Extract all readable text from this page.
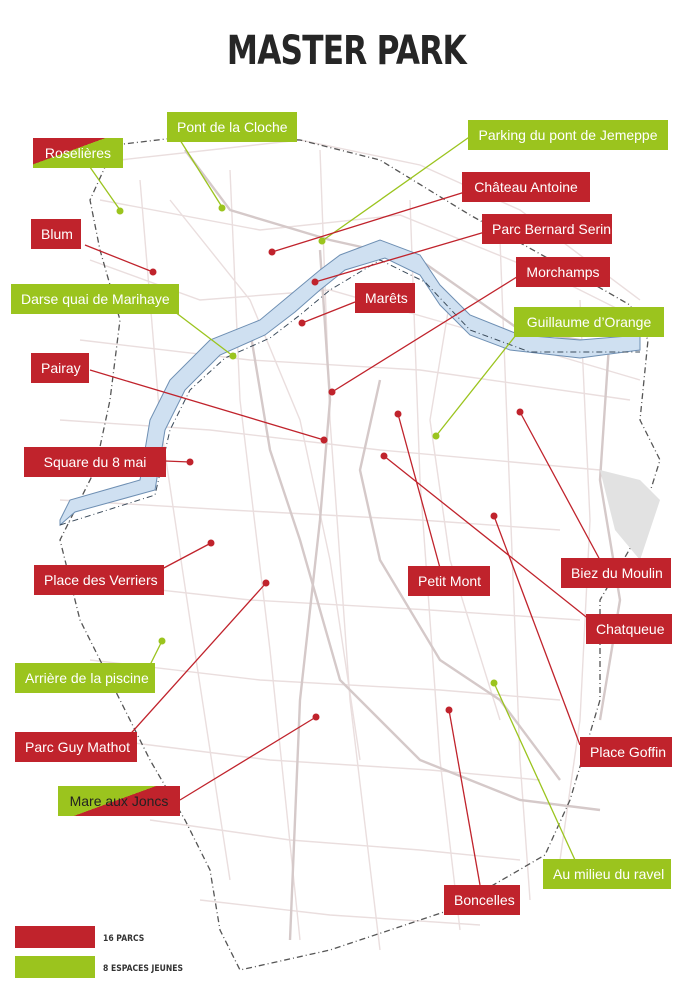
MASTER PARK
Roselières
Pont de la Cloche	Parking du pont de Jemeppe
Château Antoine
Blum	Parc Bernard Serin
Morchamps
Darse quai de Marihaye	Marêts
Guillaume d’Orange
Pairay
Square du 8 mai
Biez du Moulin
Place des Verriers	Petit Mont
Chatqueue
Arrière de la piscine
Parc Guy Mathot	Place Goffin
Mare aux Joncs
Au milieu du ravel
Boncelles
16 PARCS
8 ESPACES JEUNES
